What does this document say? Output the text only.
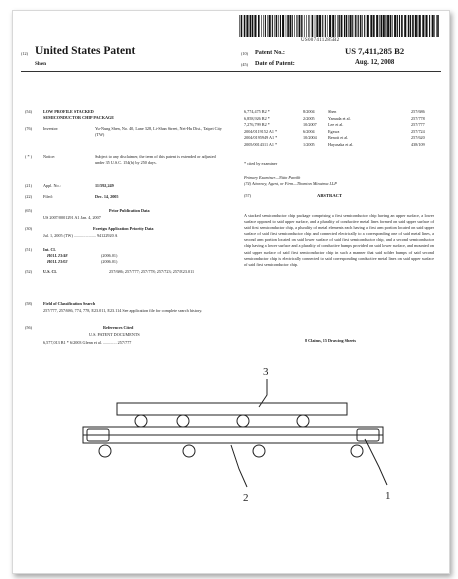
US007411285B2
(12) United States Patent
Shen
(10) Patent No.:	US 7,411,285 B2
(45) Date of Patent:	Aug. 12, 2008
(54)	LOW PROFILE STACKED
SEMICONDUCTOR CHIP PACKAGE
(76)	Inventor:	Yu-Nung Shen, No. 40, Lane 328, Li-Shan Street, Nei-Hu Dist., Taipei City (TW)
( * )	Notice:	Subject to any disclaimer, the term of this patent is extended or adjusted under 35 U.S.C. 154(b) by 250 days.
(21)	Appl. No.:	11/592,249
(22)	Filed:	Dec. 14, 2005
(65)	Prior Publication Data
US 2007/0001291 A1 Jan. 4, 2007
(30)	Foreign Application Priority Data
Jul. 1, 2005 (TW) ..................... 94122920 A
(51)	Int. Cl.
H01L 23/48	(2006.01)
H01L 23/02	(2006.01)
(52)	U.S. Cl.	257/686; 257/777; 257/778; 257/723; 257/E23.011
(58)	Field of Classification Search
257/777, 257/686, 774, 778, E23.011, E23.114 See application file for complete search history.
(56)	References Cited
U.S. PATENT DOCUMENTS
6,577,013 B1 * 6/2003 Glenn et al. ............. 257/777
6,774,475 B2 *	8/2004	Shen	257/686
6,858,926 B2 *	2/2005	Yamada et al.	257/778
7,276,799 B2 *	10/2007	Lee et al.	257/777
2004/0119152 A1 *	6/2004	Egawa	257/724
2004/0195949 A1 *	10/2004	Benoit et al.	257/620
2005/0014311 A1 *	1/2005	Hayasaka et al.	438/109
* cited by examiner
Primary Examiner—Nitin Parekh
(74) Attorney, Agent, or Firm—Thomton Minutroa LLP
(57)	ABSTRACT
A stacked semiconductor chip package comprising a first semiconductor chip having an upper surface, a lower surface opposed to said upper surface, and a plurality of conductive metal lines formed on said upper surface of said first semiconductor chip, a plurality of metal elements each having a first arm portion located on said upper surface of said first semiconductor chip and connected electrically to a corresponding one of said metal lines, a second arm portion located on said lower surface of said first semiconductor chip, and a second semiconductor chip having a lower surface and a plurality of conductive bumps provided on said lower surface, and mounted on said upper surface of said first semiconductor chip in such a manner that said solder bumps of said second semiconductor chip is electrically connected to said corresponding conductive metal lines on said upper surface of said first semiconductor chip.
8 Claims, 15 Drawing Sheets
3
2	1
